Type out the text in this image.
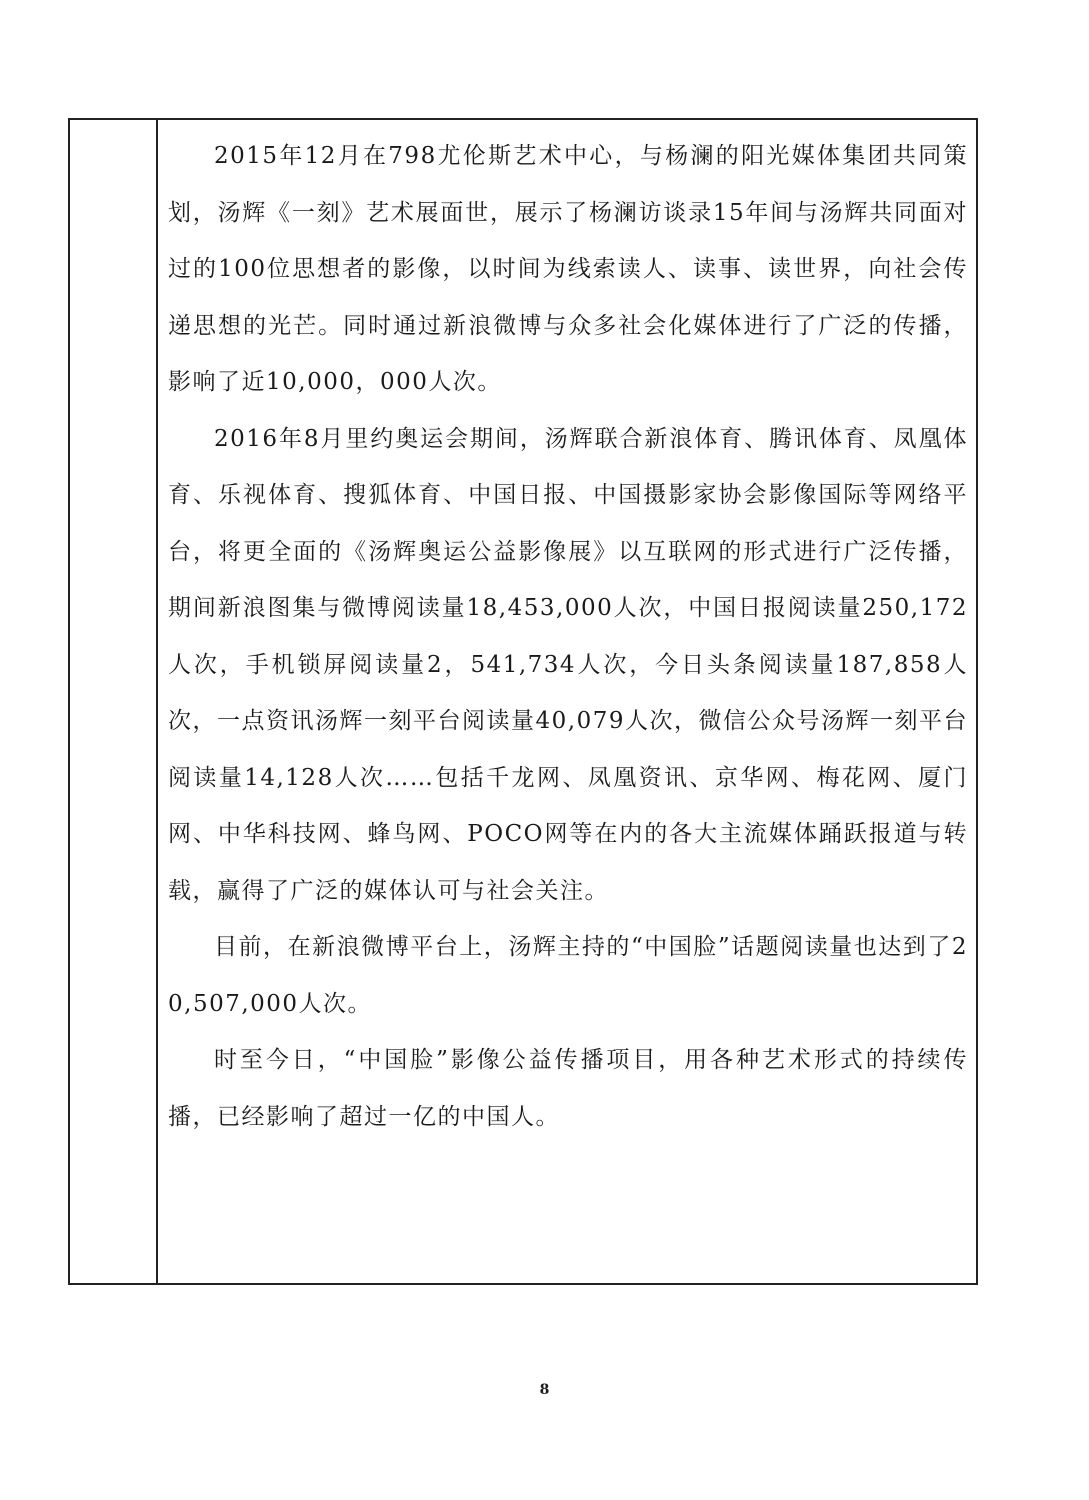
2015年12月在798尤伦斯艺术中心，与杨澜的阳光媒体集团共同策划，汤辉《一刻》艺术展面世，展示了杨澜访谈录15年间与汤辉共同面对过的100位思想者的影像，以时间为线索读人、读事、读世界，向社会传递思想的光芒。同时通过新浪微博与众多社会化媒体进行了广泛的传播，影响了近10,000，000人次。

2016年8月里约奥运会期间，汤辉联合新浪体育、腾讯体育、凤凰体育、乐视体育、搜狐体育、中国日报、中国摄影家协会影像国际等网络平台，将更全面的《汤辉奥运公益影像展》以互联网的形式进行广泛传播，期间新浪图集与微博阅读量18,453,000人次，中国日报阅读量250,172人次，手机锁屏阅读量2，541,734人次，今日头条阅读量187,858人次，一点资讯汤辉一刻平台阅读量40,079人次，微信公众号汤辉一刻平台阅读量14,128人次……包括千龙网、凤凰资讯、京华网、梅花网、厦门网、中华科技网、蜂鸟网、POCO网等在内的各大主流媒体踊跃报道与转载，赢得了广泛的媒体认可与社会关注。

目前，在新浪微博平台上，汤辉主持的“中国脸”话题阅读量也达到了20,507,000人次。

时至今日，“中国脸”影像公益传播项目，用各种艺术形式的持续传播，已经影响了超过一亿的中国人。

8
